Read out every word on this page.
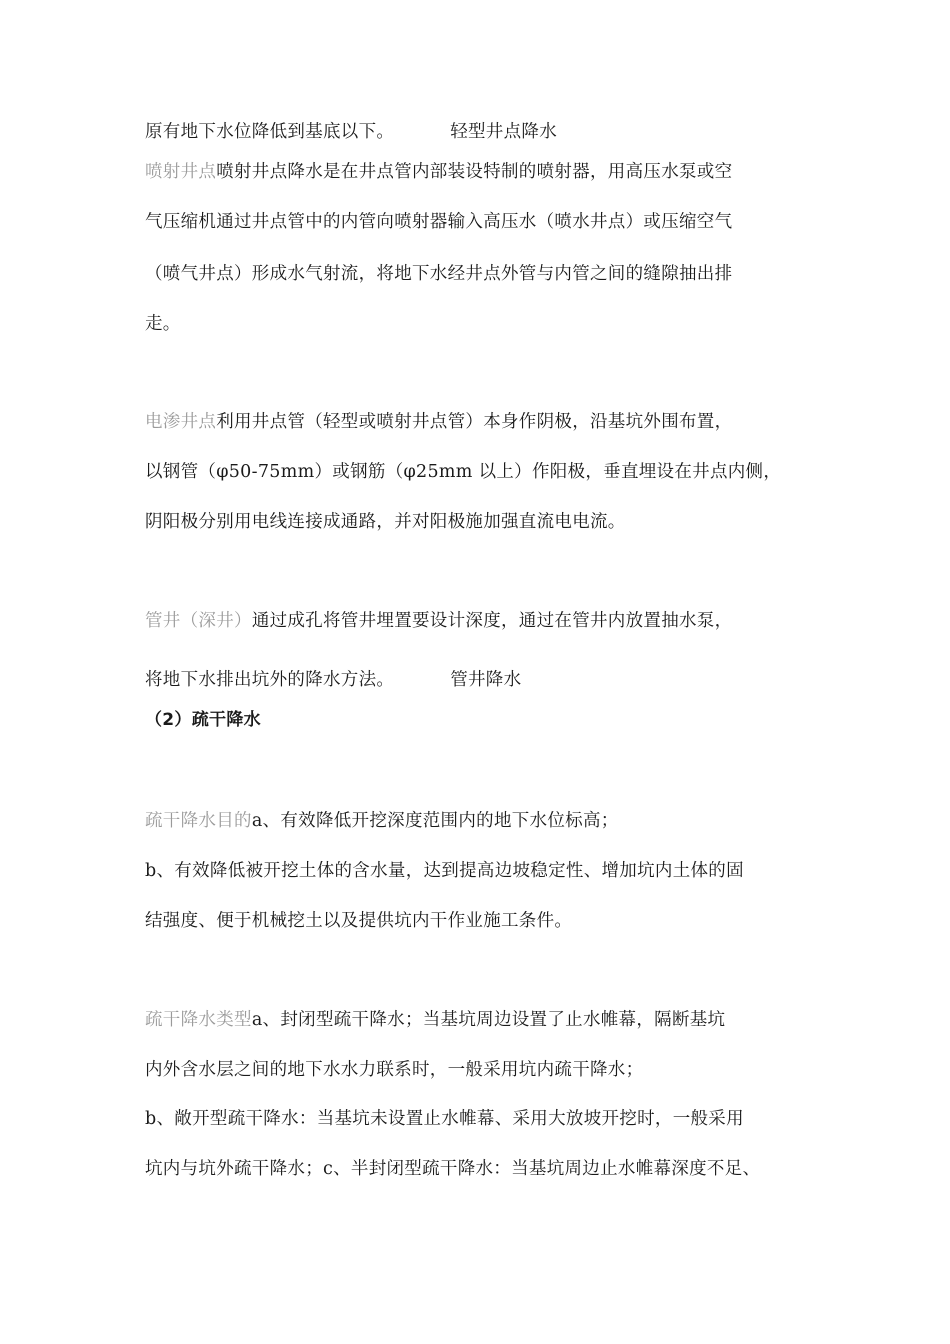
原有地下水位降低到基底以下。	轻型井点降水
喷射井点喷射井点降水是在井点管内部装设特制的喷射器，用高压水泵或空
气压缩机通过井点管中的内管向喷射器输入高压水（喷水井点）或压缩空气
（喷气井点）形成水气射流，将地下水经井点外管与内管之间的缝隙抽出排
走。
电渗井点利用井点管（轻型或喷射井点管）本身作阴极，沿基坑外围布置，
以钢管（φ50-75mm）或钢筋（φ25mm 以上）作阳极，垂直埋设在井点内侧，
阴阳极分别用电线连接成通路，并对阳极施加强直流电电流。
管井（深井）通过成孔将管井埋置要设计深度，通过在管井内放置抽水泵，
将地下水排出坑外的降水方法。	管井降水
（2）疏干降水
疏干降水目的a、有效降低开挖深度范围内的地下水位标高；
b、有效降低被开挖土体的含水量，达到提高边坡稳定性、增加坑内土体的固
结强度、便于机械挖土以及提供坑内干作业施工条件。
疏干降水类型a、封闭型疏干降水；当基坑周边设置了止水帷幕，隔断基坑
内外含水层之间的地下水水力联系时，一般采用坑内疏干降水；
b、敞开型疏干降水：当基坑未设置止水帷幕、采用大放坡开挖时，一般采用
坑内与坑外疏干降水；c、半封闭型疏干降水：当基坑周边止水帷幕深度不足、
